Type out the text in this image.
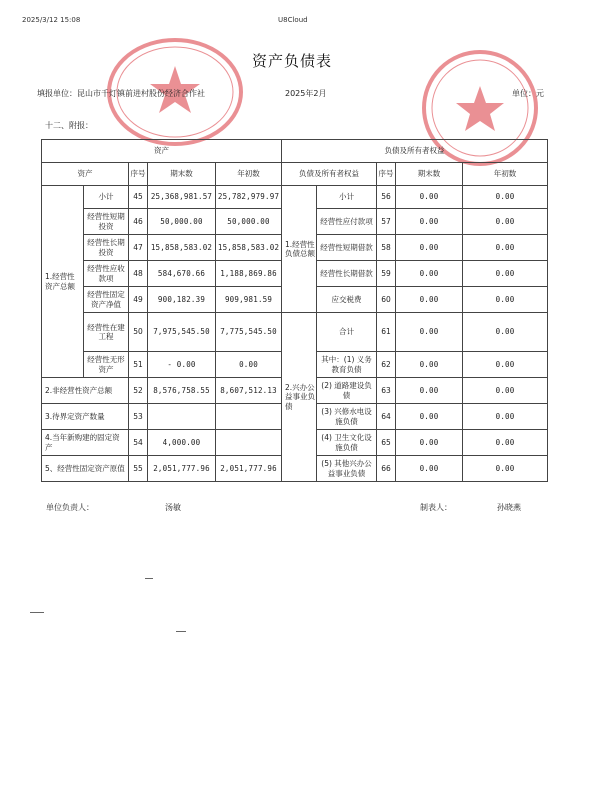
2025/3/12 15:08	U8Cloud
资产负债表
填报单位：昆山市千灯镇前进村股份经济合作社	2025年2月	单位：元
十二、附报：
资产					负债及所有者权益				
资产		序号	期末数	年初数	负债及所有者权益		序号	期末数	年初数
1.经营性资产总额	小计	45	25,368,981.57	25,782,979.97	1.经营性负债总额	小计	56	0.00	0.00
	经营性短期投资	46	50,000.00	50,000.00		经营性应付款项	57	0.00	0.00
	经营性长期投资	47	15,858,583.02	15,858,583.02		经营性短期借款	58	0.00	0.00
	经营性应收款项	48	584,670.66	1,188,869.86		经营性长期借款	59	0.00	0.00
	经营性固定资产净值	49	900,182.39	909,981.59		应交税费	60	0.00	0.00
	经营性在建工程	50	7,975,545.50	7,775,545.50	2.兴办公益事业负债	合计	61	0.00	0.00
	经营性无形资产	51	- 0.00	0.00		其中：(1) 义务教育负债	62	0.00	0.00
2.非经营性资产总额		52	8,576,758.55	8,607,512.13		(2) 道路建设负债	63	0.00	0.00
3.待界定资产数量		53				(3) 兴修水电设施负债	64	0.00	0.00
4.当年新购建的固定资产		54	4,000.00			(4) 卫生文化设施负债	65	0.00	0.00
5、经营性固定资产原值		55	2,051,777.96	2,051,777.96		(5) 其他兴办公益事业负债	66	0.00	0.00
单位负责人：	汤敏	制表人：	孙晓燕
